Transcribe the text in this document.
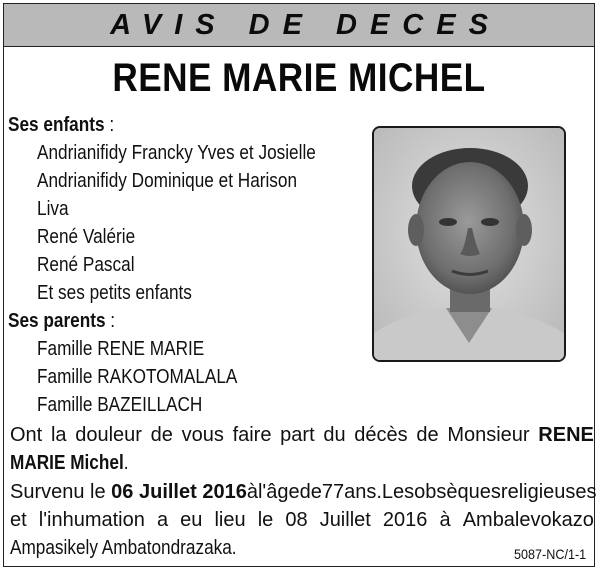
AVIS DE DECES
RENE MARIE MICHEL
Ses enfants :
Andrianifidy Francky Yves et Josielle
Andrianifidy Dominique et Harison
Liva
René Valérie
René Pascal
Et ses petits enfants
Ses parents :
Famille RENE MARIE
Famille RAKOTOMALALA
Famille BAZEILLACH
Ont la douleur de vous faire part du décès de Monsieur RENE
MARIE Michel.
Survenu le 06 Juillet 2016 à l'âge de 77ans. Les obsèques religieuses
et l'inhumation a eu lieu le 08 Juillet 2016 à Ambalevokazo
Ampasikely Ambatondrazaka.	5087-NC/1-1
